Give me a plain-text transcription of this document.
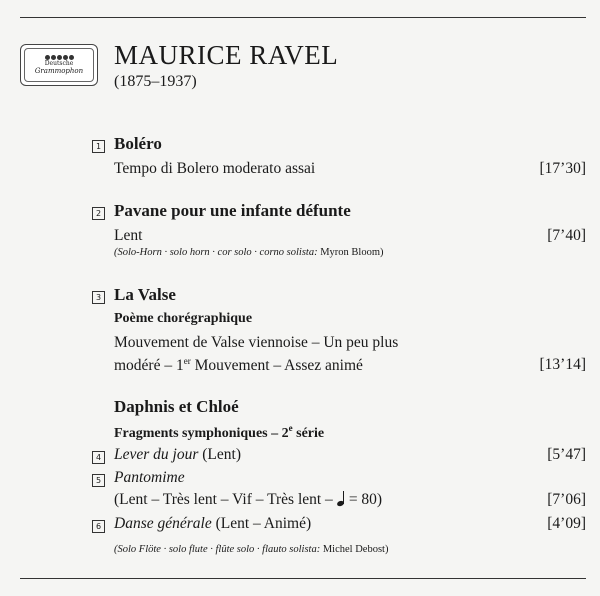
Deutsche
Grammophon
MAURICE RAVEL
(1875–1937)
1 Boléro
Tempo di Bolero moderato assai	[17’30]
2 Pavane pour une infante défunte
Lent	[7’40]
(Solo-Horn · solo horn · cor solo · corno solista: Myron Bloom)
3 La Valse
Poème chorégraphique
Mouvement de Valse viennoise – Un peu plus
modéré – 1er Mouvement – Assez animé	[13’14]
Daphnis et Chloé
Fragments symphoniques – 2e série
4 Lever du jour (Lent)	[5’47]
5 Pantomime
(Lent – Très lent – Vif – Très lent – = 80)	[7’06]
6 Danse générale (Lent – Animé)	[4’09]
(Solo Flöte · solo flute · flûte solo · flauto solista: Michel Debost)
